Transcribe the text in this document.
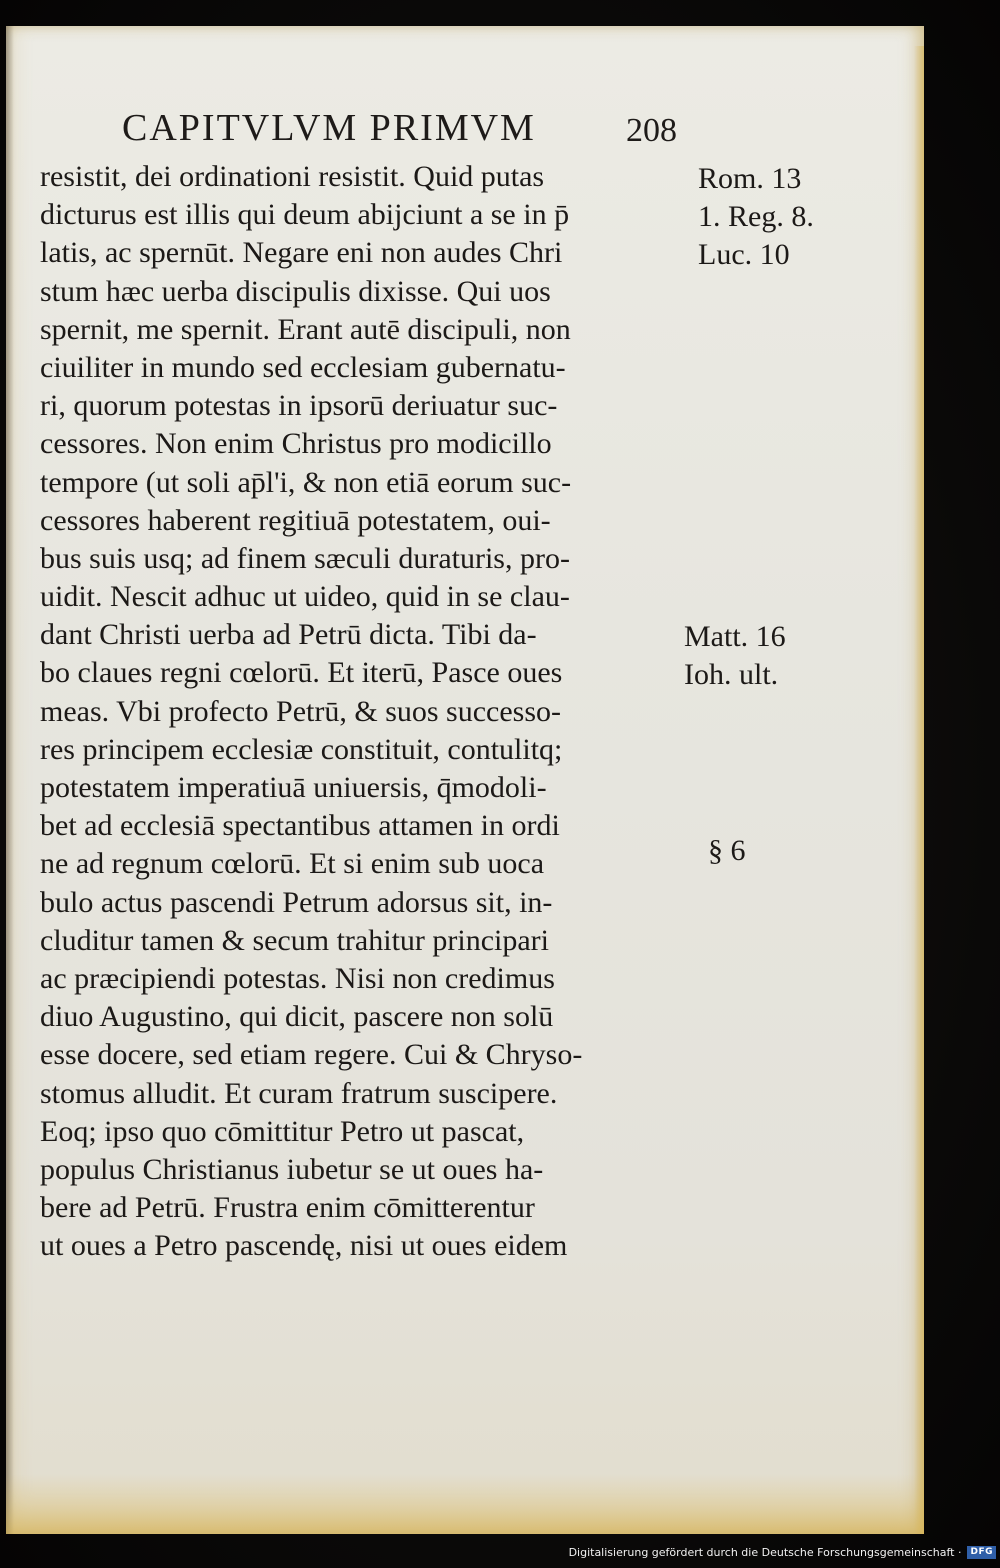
CAPITVLVM PRIMVM	208
resistit, dei ordinationi resistit. Quid putas
dicturus est illis qui deum abijciunt a se in p̄
latis, ac spernūt. Negare eni non audes Chri
stum hæc uerba discipulis dixisse. Qui uos
spernit, me spernit. Erant autē discipuli, non
ciuiliter in mundo sed ecclesiam gubernatu-
ri, quorum potestas in ipsorū deriuatur suc-
cessores. Non enim Christus pro modicillo
tempore (ut soli ap̄l'i, & non etiā eorum suc-
cessores haberent regitiuā potestatem, oui-
bus suis usq; ad finem sæculi duraturis, pro-
uidit. Nescit adhuc ut uideo, quid in se clau-
dant Christi uerba ad Petrū dicta. Tibi da-
bo claues regni cœlorū. Et iterū, Pasce oues
meas. Vbi profecto Petrū, & suos successo-
res principem ecclesiæ constituit, contulitq;
potestatem imperatiuā uniuersis, q̄modoli-
bet ad ecclesiā spectantibus attamen in ordi
ne ad regnum cœlorū. Et si enim sub uoca
bulo actus pascendi Petrum adorsus sit, in-
cluditur tamen & secum trahitur principari
ac præcipiendi potestas. Nisi non credimus
diuo Augustino, qui dicit, pascere non solū
esse docere, sed etiam regere. Cui & Chryso-
stomus alludit. Et curam fratrum suscipere.
Eoq; ipso quo cōmittitur Petro ut pascat,
populus Christianus iubetur se ut oues ha-
bere ad Petrū. Frustra enim cōmitterentur
ut oues a Petro pascendę, nisi ut oues eidem
Rom. 13
1. Reg. 8.
Luc. 10
Matt. 16
Ioh. ult.
§ 6
Digitalisierung gefördert durch die Deutsche Forschungsgemeinschaft ·	DFG
